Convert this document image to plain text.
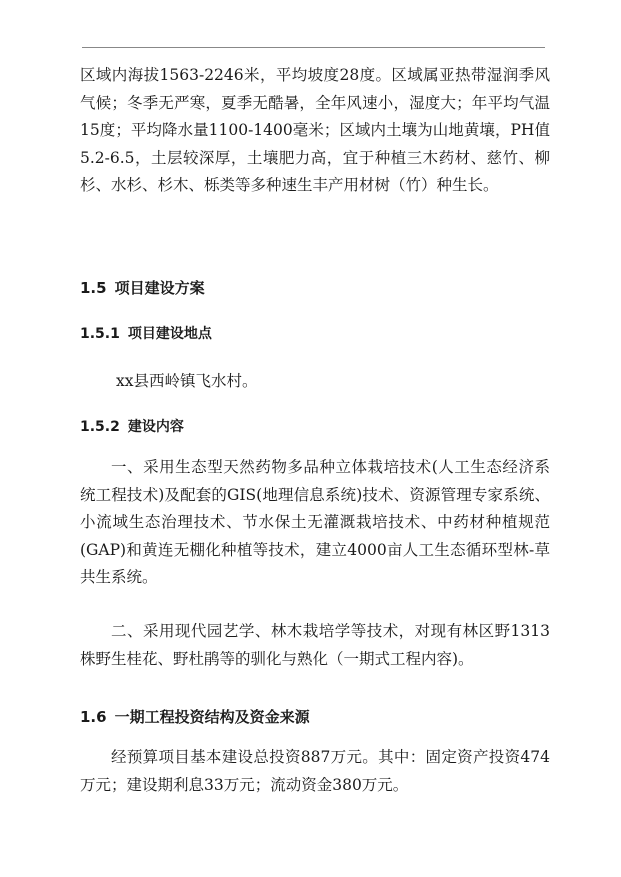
区域内海拔1563-2246米，平均坡度28度。区域属亚热带湿润季风气候；冬季无严寒，夏季无酷暑，全年风速小，湿度大；年平均气温15度；平均降水量1100-1400毫米；区域内土壤为山地黄壤，PH值5.2-6.5，土层较深厚，土壤肥力高，宜于种植三木药材、慈竹、柳杉、水杉、杉木、栎类等多种速生丰产用材树（竹）种生长。

1.5 项目建设方案
1.5.1 项目建设地点

xx县西岭镇飞水村。

1.5.2 建设内容

一、采用生态型天然药物多品种立体栽培技术(人工生态经济系统工程技术)及配套的GIS(地理信息系统)技术、资源管理专家系统、小流域生态治理技术、节水保土无灌溉栽培技术、中药材种植规范(GAP)和黄连无棚化种植等技术，建立4000亩人工生态循环型林-草共生系统。

二、采用现代园艺学、林木栽培学等技术，对现有林区野1313株野生桂花、野杜鹃等的驯化与熟化（一期式工程内容)。

1.6 一期工程投资结构及资金来源

经预算项目基本建设总投资887万元。其中：固定资产投资474万元；建设期利息33万元；流动资金380万元。
